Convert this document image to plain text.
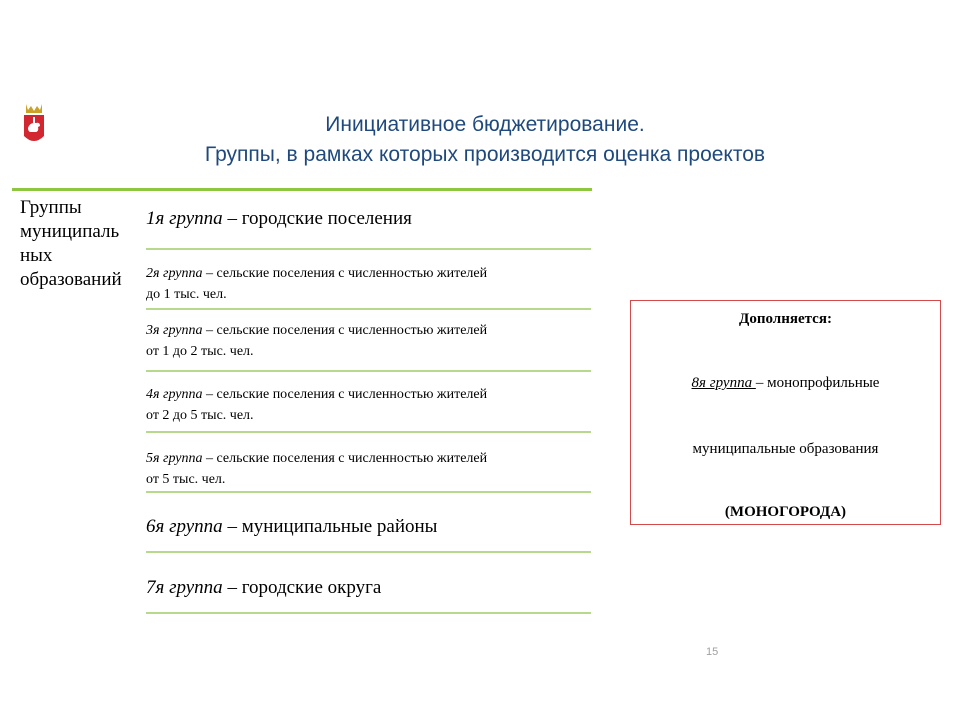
Инициативное бюджетирование.
Группы, в рамках которых производится оценка проектов
Группы муниципаль ных образований
1я группа – городские поселения
2я группа – сельские поселения с численностью жителей
до 1 тыс. чел.
3я группа – сельские поселения с численностью жителей
от 1 до 2 тыс. чел.
4я группа – сельские поселения с численностью жителей
от 2 до 5 тыс. чел.
5я группа – сельские поселения с численностью жителей
от 5 тыс. чел.
6я группа – муниципальные районы
7я группа – городские округа
Дополняется:
8я группа – монопрофильные
муниципальные образования
(МОНОГОРОДА)
15
